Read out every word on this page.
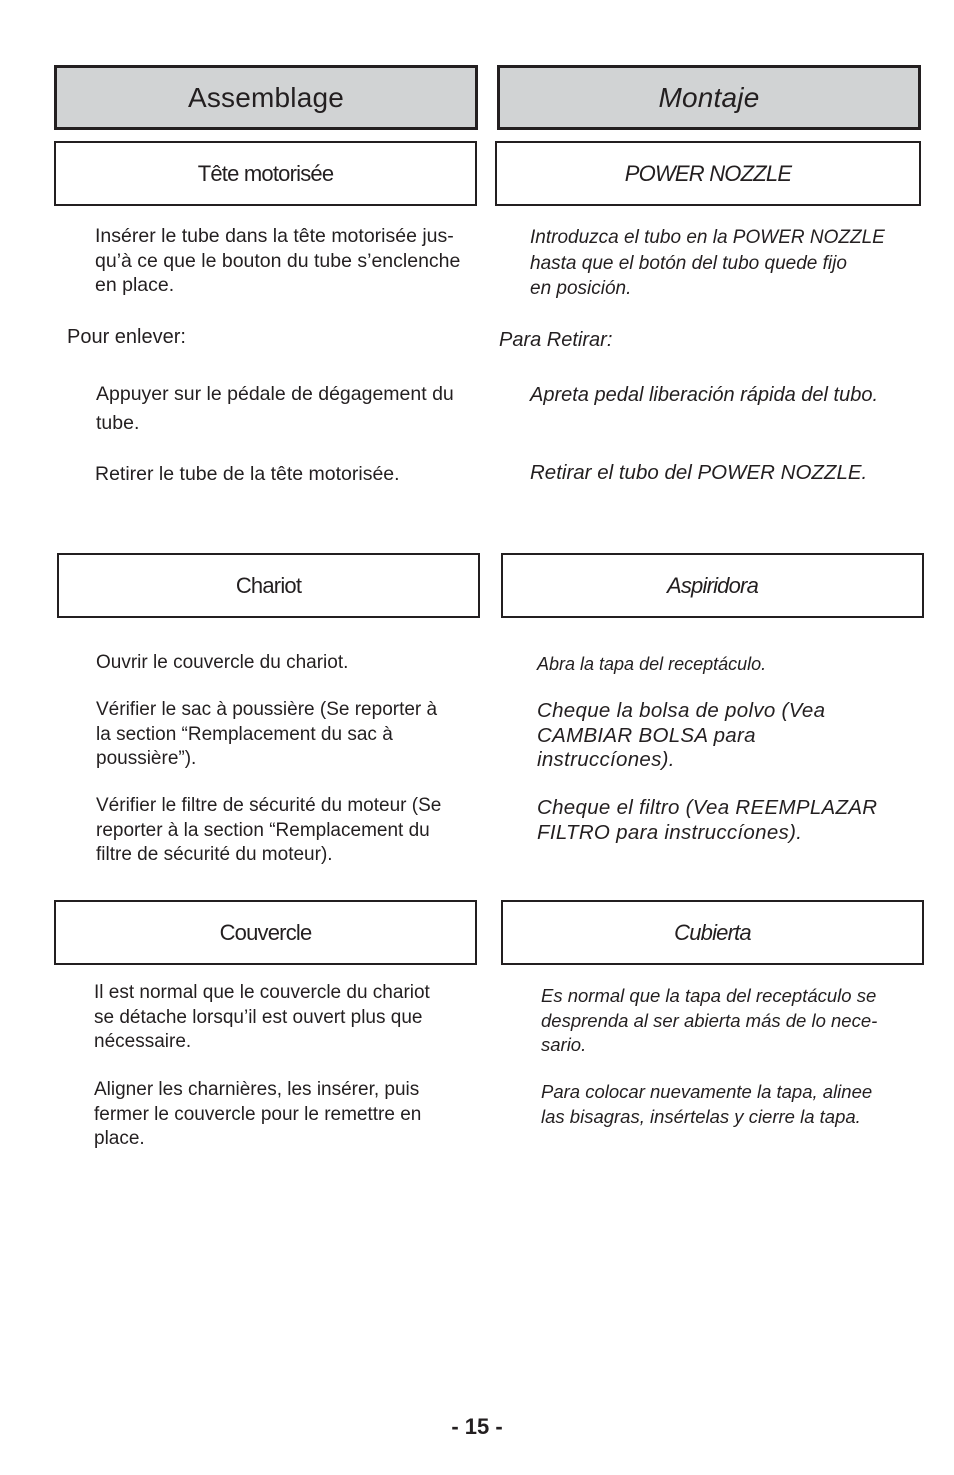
Assemblage	Montaje
Tête motorisée	POWER NOZZLE
Insérer le tube dans la tête motorisée jus-
qu’à ce que le bouton du tube s’enclenche
en place.
Pour enlever:
Appuyer sur le pédale de dégagement du
tube.
Retirer le tube de la tête motorisée.
Introduzca el tubo en la POWER NOZZLE
hasta que el botón del tubo quede fijo
en posición.
Para Retirar:
Apreta pedal liberación rápida del tubo.
Retirar el tubo del POWER NOZZLE.
Chariot	Aspiridora
Ouvrir le couvercle du chariot.
Vérifier le sac à poussière (Se reporter à
la section “Remplacement du sac à
poussière”).
Vérifier le filtre de sécurité du moteur (Se
reporter à la section “Remplacement du
filtre de sécurité du moteur).
Abra la tapa del receptáculo.
Cheque la bolsa de polvo (Vea
CAMBIAR BOLSA para
instruccíones).
Cheque el filtro (Vea REEMPLAZAR
FILTRO para instruccíones).
Couvercle	Cubierta
Il est normal que le couvercle du chariot
se détache lorsqu’il est ouvert plus que
nécessaire.
Aligner les charnières, les insérer, puis
fermer le couvercle pour le remettre en
place.
Es normal que la tapa del receptáculo se
desprenda al ser abierta más de lo nece-
sario.
Para colocar nuevamente la tapa, alinee
las bisagras, insértelas y cierre la tapa.
- 15 -
